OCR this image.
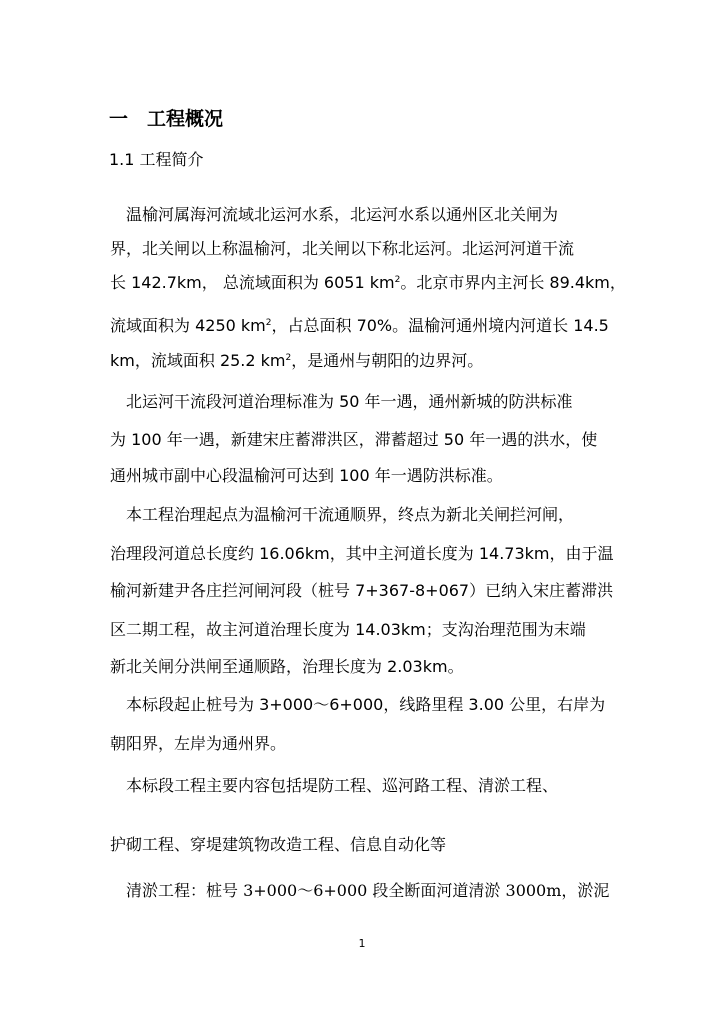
一 工程概况
1.1 工程简介
　温榆河属海河流域北运河水系，北运河水系以通州区北关闸为
界，北关闸以上称温榆河，北关闸以下称北运河。北运河河道干流
长 142.7km， 总流域面积为 6051 $km^2$。北京市界内主河长 89.4km，
流域面积为 4250 $km^2$，占总面积 70%。温榆河通州境内河道长 14.5
km，流域面积 25.2 $km^2$，是通州与朝阳的边界河。
　北运河干流段河道治理标准为 50 年一遇，通州新城的防洪标准
为 100 年一遇，新建宋庄蓄滞洪区，滞蓄超过 50 年一遇的洪水，使
通州城市副中心段温榆河可达到 100 年一遇防洪标准。
　本工程治理起点为温榆河干流通顺界，终点为新北关闸拦河闸，
治理段河道总长度约 16.06km，其中主河道长度为 14.73km，由于温
榆河新建尹各庄拦河闸河段（桩号 7+367-8+067）已纳入宋庄蓄滞洪
区二期工程，故主河道治理长度为 14.03km；支沟治理范围为末端
新北关闸分洪闸至通顺路，治理长度为 2.03km。
　本标段起止桩号为 3+000～6+000，线路里程 3.00 公里，右岸为
朝阳界，左岸为通州界。
　本标段工程主要内容包括堤防工程、巡河路工程、清淤工程、
护砌工程、穿堤建筑物改造工程、信息自动化等
　清淤工程：桩号 3+000～6+000 段全断面河道清淤 3000m，淤泥
1
